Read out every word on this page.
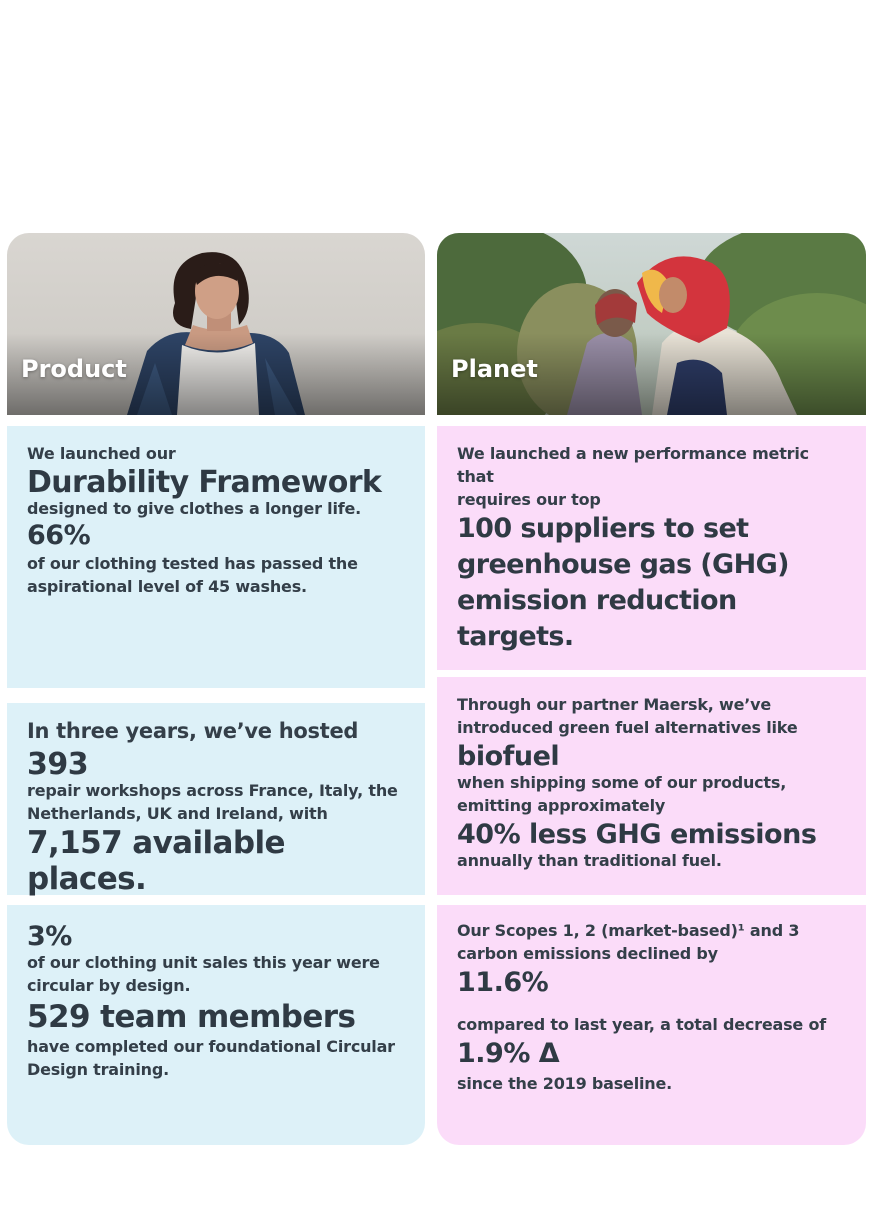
Product
We launched our
Durability Framework
designed to give clothes a longer life.
66%
of our clothing tested has passed the
aspirational level of 45 washes.
In three years, we’ve hosted
393
repair workshops across France, Italy, the
Netherlands, UK and Ireland, with
7,157 available places.
3%
of our clothing unit sales this year were
circular by design.
529 team members
have completed our foundational Circular
Design training.
Planet
We launched a new performance metric that
requires our top
100 suppliers to set
greenhouse gas (GHG)
emission reduction targets.
Through our partner Maersk, we’ve
introduced green fuel alternatives like
biofuel
when shipping some of our products,
emitting approximately
40% less GHG emissions
annually than traditional fuel.
Our Scopes 1, 2 (market-based)¹ and 3
carbon emissions declined by
11.6%
compared to last year, a total decrease of
1.9% Δ
since the 2019 baseline.
